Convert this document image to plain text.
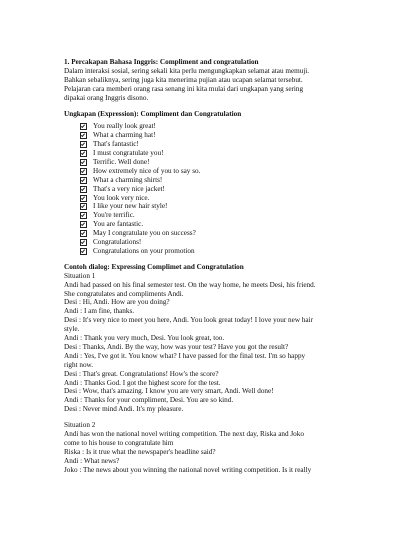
1. Percakapan Bahasa Inggris: Compliment and congratulation
Dalam interaksi sosial, sering sekali kita perlu mengungkapkan selamat atau memuji.
Bahkan sebaliknya, sering juga kita menerima pujian atau ucapan selamat tersebut.
Pelajaran cara memberi orang rasa senang ini kita mulai dari ungkapan yang sering
dipakai orang Inggris disono.
Ungkapan (Expression): Compliment dan Congratulation
You really look great!
What a charming hat!
That's fantastic!
I must congratulate you!
Terrific. Well done!
How extremely nice of you to say so.
What a charming shirts!
That's a very nice jacket!
You look very nice.
I like your new hair style!
You're terrific.
You are fantastic.
May I congratulate you on success?
Congratulations!
Congratulations on your promotion
Contoh dialog: Expressing Complimet and Congratulation
Situation 1
Andi had passed on his final semester test. On the way home, he meets Desi, his friend.
She congratulates and compliments Andi.
Desi : Hi, Andi. How are you doing?
Andi : I am fine, thanks.
Desi : It's very nice to meet you here, Andi. You look great today! I love your new hair
style.
Andi : Thank you very much, Desi. You look great, too.
Desi : Thanks, Andi. By the way, how was your test? Have you got the result?
Andi : Yes, I've got it. You know what? I have passed for the final test. I'm so happy
right now.
Desi : That's great. Congratulations! How's the score?
Andi : Thanks God. I got the highest score for the test.
Desi : Wow, that's amazing. I know you are very smart, Andi. Well done!
Andi : Thanks for your compliment, Desi. You are so kind.
Desi : Never mind Andi. It's my pleasure.
Situation 2
Andi has won the national novel writing competition. The next day, Riska and Joko
come to his house to congratulate him
Riska : Is it true what the newspaper's headline said?
Andi : What news?
Joko : The news about you winning the national novel writing competition. Is it really
